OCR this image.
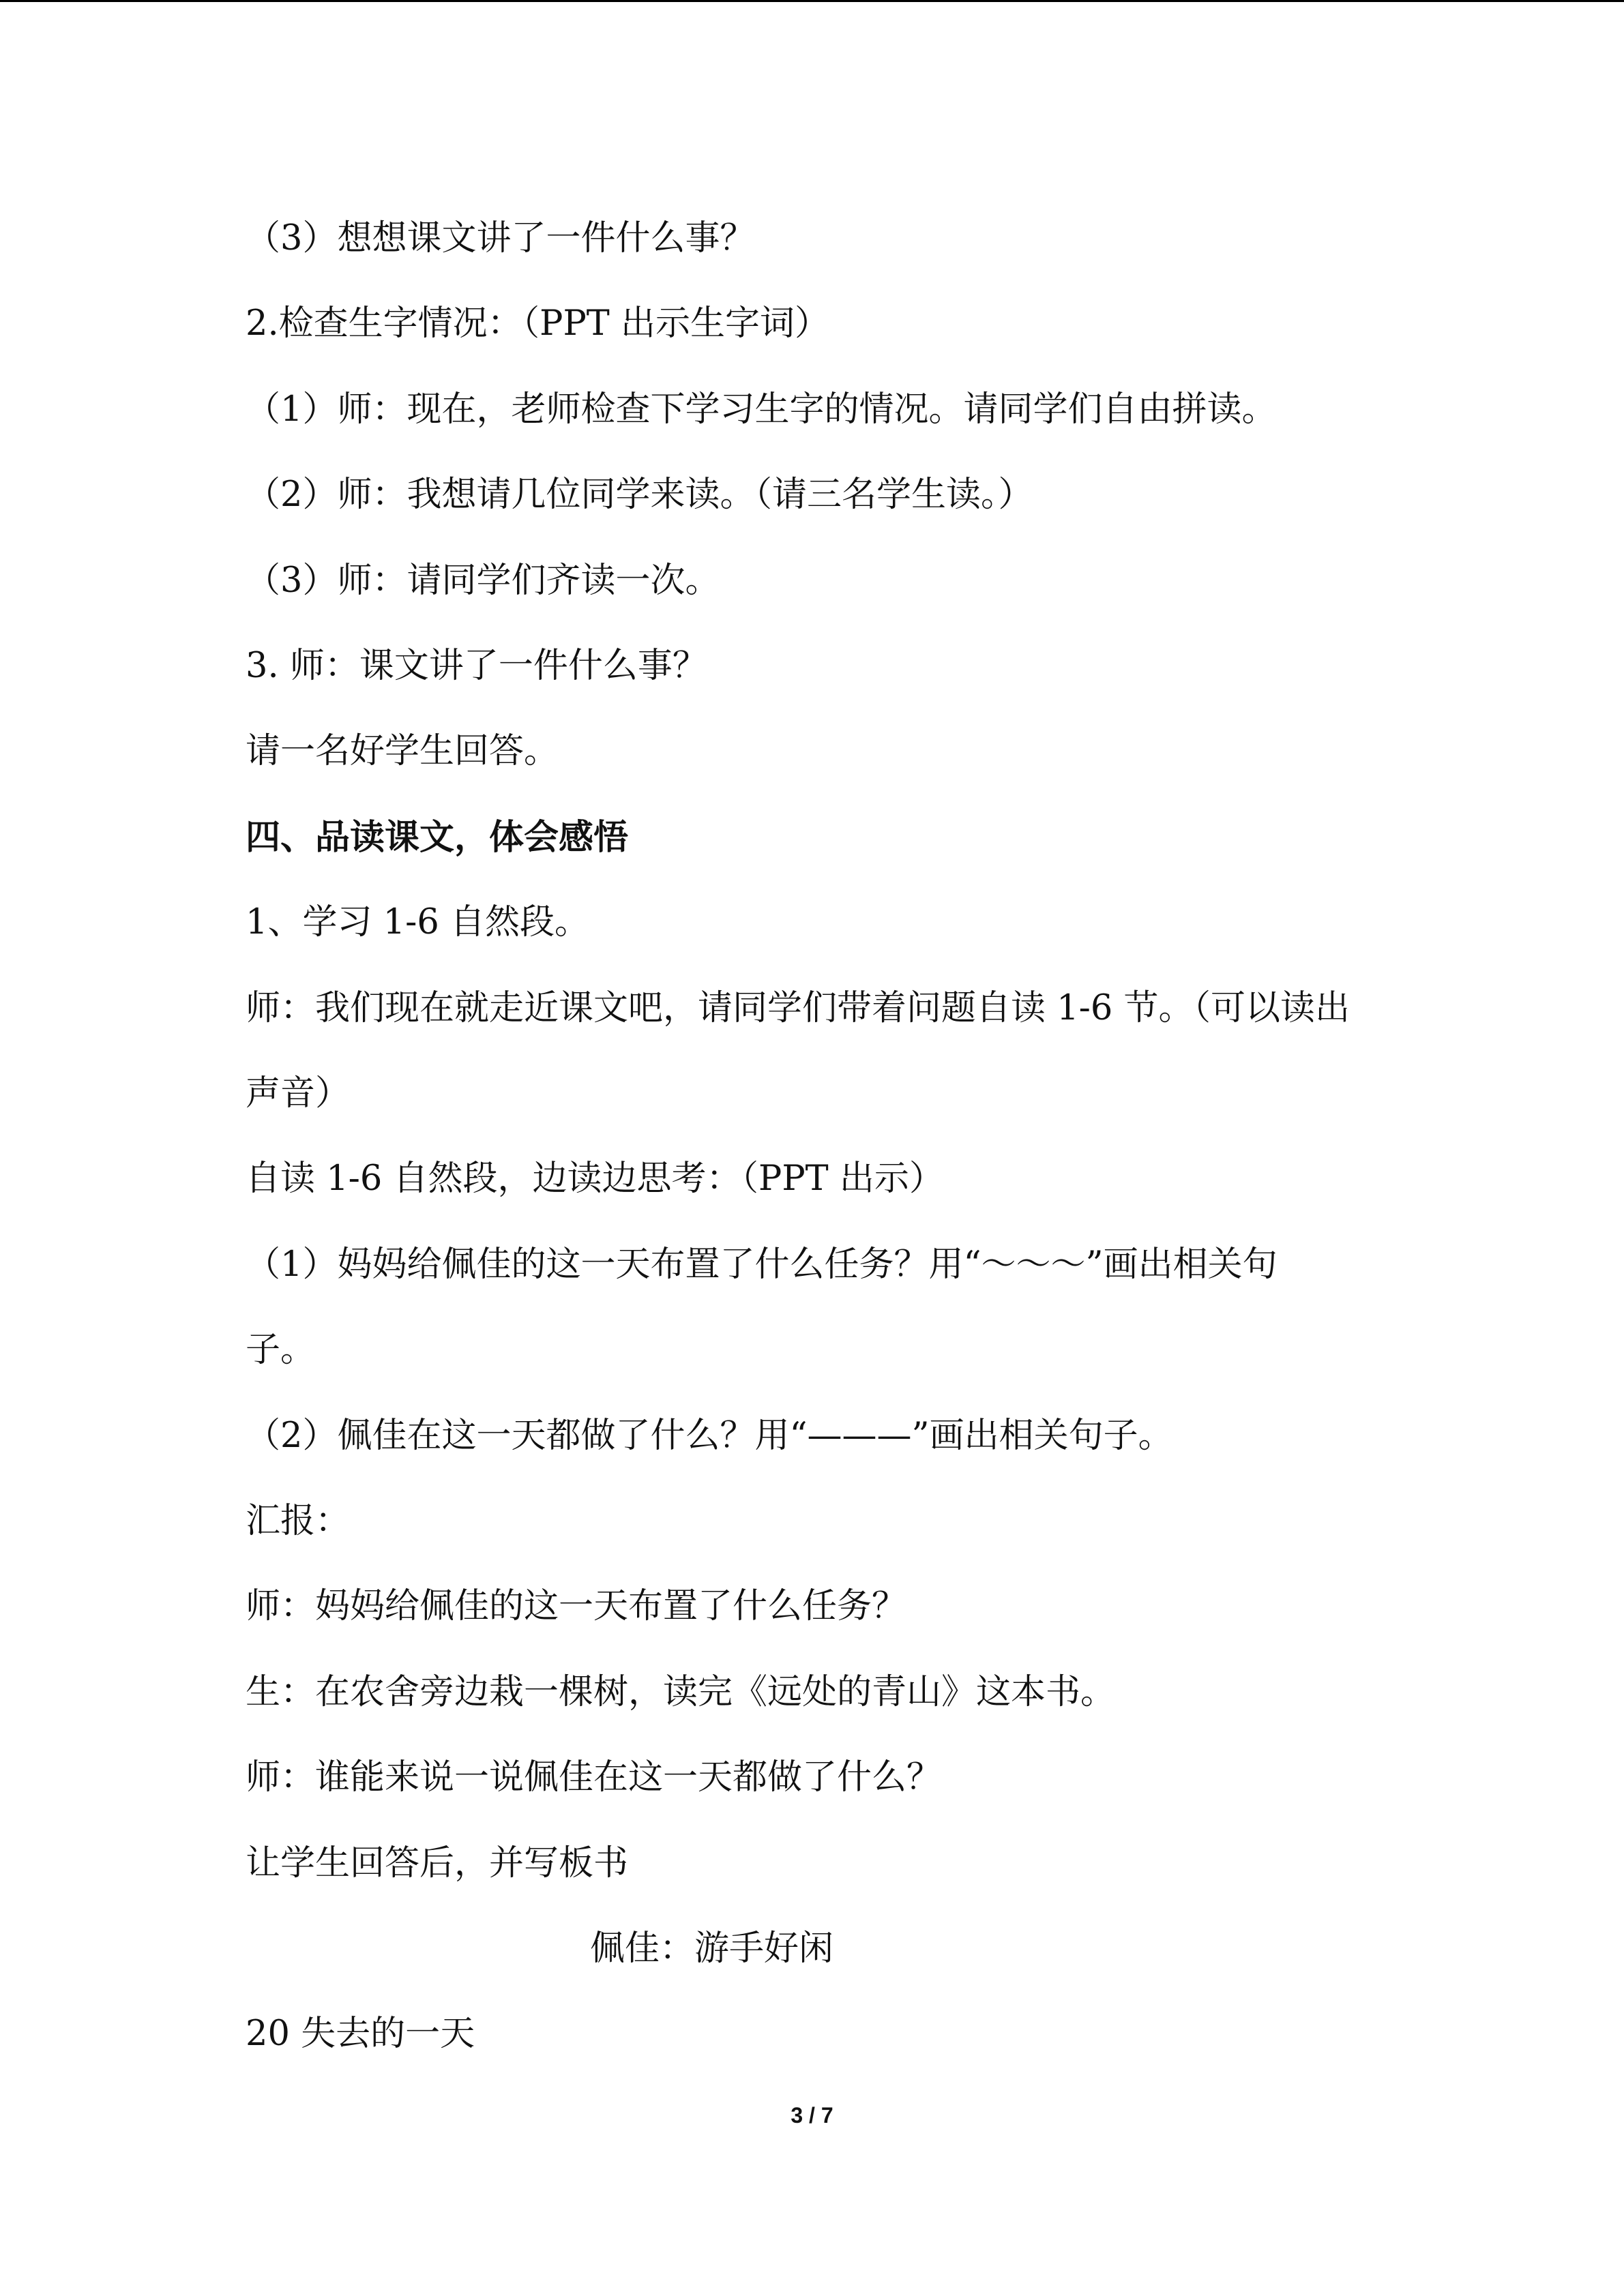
（3）想想课文讲了一件什么事？
2.检查生字情况：（PPT 出示生字词）
（1）师：现在，老师检查下学习生字的情况。请同学们自由拼读。
（2）师：我想请几位同学来读。（请三名学生读。）
（3）师：请同学们齐读一次。
3. 师：课文讲了一件什么事？
请一名好学生回答。
四、品读课文，体会感悟
1、学习 1-6 自然段。
师：我们现在就走近课文吧，请同学们带着问题自读 1-6 节。（可以读出
声音）
自读 1-6 自然段，边读边思考：（PPT 出示）
（1）妈妈给佩佳的这一天布置了什么任务？用“～～～”画出相关句
子。
（2）佩佳在这一天都做了什么？用“———”画出相关句子。
汇报：
师：妈妈给佩佳的这一天布置了什么任务？
生：在农舍旁边栽一棵树，读完《远处的青山》这本书。
师：谁能来说一说佩佳在这一天都做了什么？
让学生回答后，并写板书
佩佳：游手好闲
20 失去的一天
3 / 7
